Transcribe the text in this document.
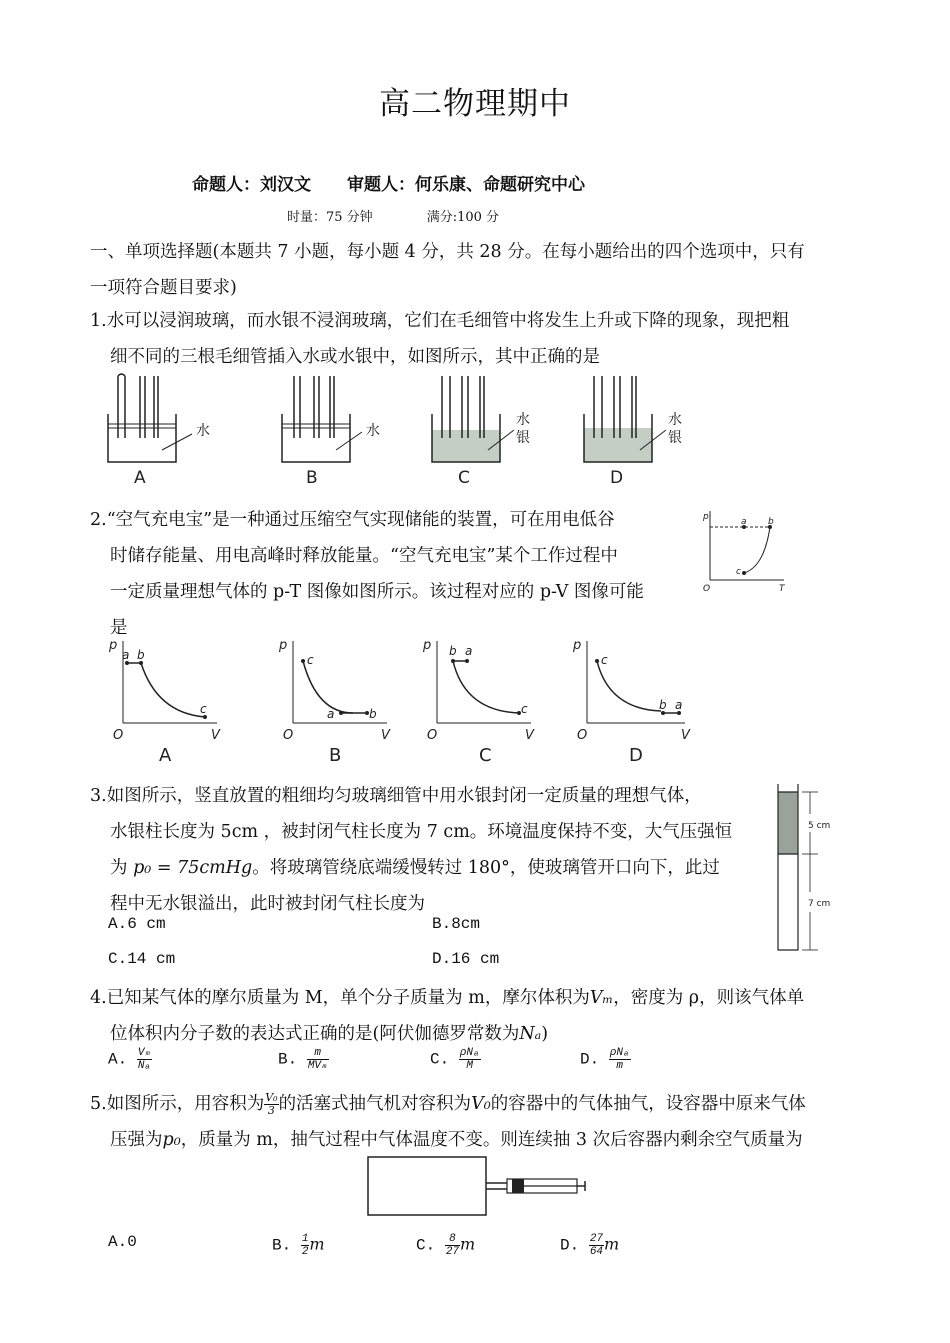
高二物理期中
命题人：刘汉文 审题人：何乐康、命题研究中心
时量：75 分钟	满分:100 分
一、单项选择题(本题共 7 小题，每小题 4 分，共 28 分。在每小题给出的四个选项中，只有
一项符合题目要求)
1.水可以浸润玻璃，而水银不浸润玻璃，它们在毛细管中将发生上升或下降的现象，现把粗
细不同的三根毛细管插入水或水银中，如图所示，其中正确的是
水
A
水
B
水
银
C
水
银
D
2.“空气充电宝”是一种通过压缩空气实现储能的装置，可在用电低谷
时储存能量、用电高峰时释放能量。“空气充电宝”某个工作过程中
一定质量理想气体的 p-T 图像如图所示。该过程对应的 p-V 图像可能
是
p
T
O
a b
c
p
V
O
a b
c
A
p
V
O
c
a	b
B
p
V
O
b a
c
C
p
V
O
c
b a
D
3.如图所示，竖直放置的粗细均匀玻璃细管中用水银封闭一定质量的理想气体，
水银柱长度为 5cm ，被封闭气柱长度为 7 cm。环境温度保持不变，大气压强恒
为 p₀ = 75cmHg。将玻璃管绕底端缓慢转过 180°，使玻璃管开口向下，此过
程中无水银溢出，此时被封闭气柱长度为
A.6 cm	B.8cm
C.14 cm	D.16 cm
5 cm
7 cm
4.已知某气体的摩尔质量为 M，单个分子质量为 m，摩尔体积为Vₘ，密度为 ρ，则该气体单
位体积内分子数的表达式正确的是(阿伏伽德罗常数为Nₐ)
A. $\frac{\text{Vₘ}}{\text{Nₐ}}$	B. $\frac{m}{\text{MVₘ}}$	C. $\frac{\text{ρNₐ}}{M}$	D. $\frac{\text{ρNₐ}}{m}$
5.如图所示，用容积为 $\frac{\text{V₀}}{3}$ 的活塞式抽气机对容积为V₀的容器中的气体抽气，设容器中原来气体
压强为p₀，质量为 m，抽气过程中气体温度不变。则连续抽 3 次后容器内剩余空气质量为
A.0	B. $\frac{1}{2}$ m	C. $\frac{8}{27}$ m	D. $\frac{27}{64}$ m
